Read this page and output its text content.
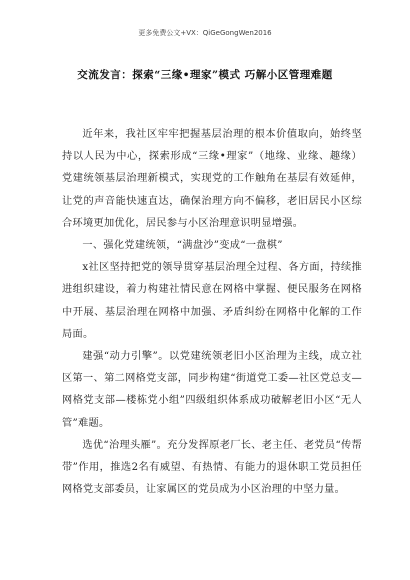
更多免费公文+VX：QiGeGongWen2016
交流发言：探索“三缘•理家”模式 巧解小区管理难题

近年来，我社区牢牢把握基层治理的根本价值取向，始终坚持以人民为中心，探索形成“三缘•理家”（地缘、业缘、趣缘）党建统领基层治理新模式，实现党的工作触角在基层有效延伸，让党的声音能快速直达，确保治理方向不偏移，老旧居民小区综合环境更加优化，居民参与小区治理意识明显增强。

一、强化党建统领，“满盘沙”变成“一盘棋”

x社区坚持把党的领导贯穿基层治理全过程、各方面，持续推进组织建设，着力构建社情民意在网格中掌握、便民服务在网格中开展、基层治理在网格中加强、矛盾纠纷在网格中化解的工作局面。

建强“动力引擎”。以党建统领老旧小区治理为主线，成立社区第一、第二网格党支部，同步构建“街道党工委—社区党总支—网格党支部—楼栋党小组”四级组织体系成功破解老旧小区“无人管”难题。

选优“治理头雁”。充分发挥原老厂长、老主任、老党员“传帮带”作用，推选2名有威望、有热情、有能力的退休职工党员担任网格党支部委员，让家属区的党员成为小区治理的中坚力量。
